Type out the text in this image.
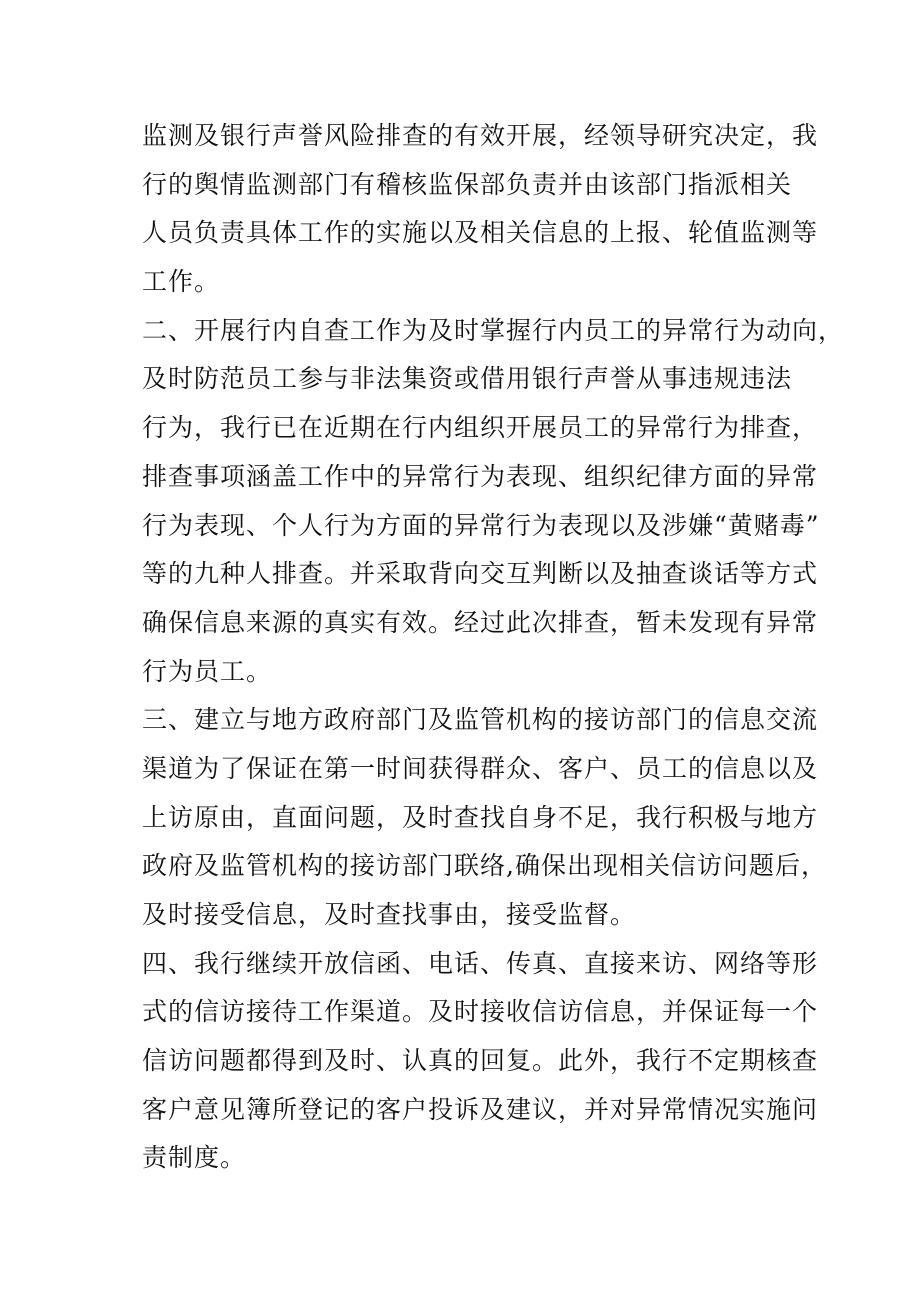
监测及银行声誉风险排查的有效开展，经领导研究决定，我
行的舆情监测部门有稽核监保部负责并由该部门指派相关
人员负责具体工作的实施以及相关信息的上报、轮值监测等
工作。
二、开展行内自查工作为及时掌握行内员工的异常行为动向，
及时防范员工参与非法集资或借用银行声誉从事违规违法
行为，我行已在近期在行内组织开展员工的异常行为排查，
排查事项涵盖工作中的异常行为表现、组织纪律方面的异常
行为表现、个人行为方面的异常行为表现以及涉嫌“黄赌毒”
等的九种人排查。并采取背向交互判断以及抽查谈话等方式
确保信息来源的真实有效。经过此次排查，暂未发现有异常
行为员工。
三、建立与地方政府部门及监管机构的接访部门的信息交流
渠道为了保证在第一时间获得群众、客户、员工的信息以及
上访原由，直面问题，及时查找自身不足，我行积极与地方
政府及监管机构的接访部门联络,确保出现相关信访问题后，
及时接受信息，及时查找事由，接受监督。
四、我行继续开放信函、电话、传真、直接来访、网络等形
式的信访接待工作渠道。及时接收信访信息，并保证每一个
信访问题都得到及时、认真的回复。此外，我行不定期核查
客户意见簿所登记的客户投诉及建议，并对异常情况实施问
责制度。
